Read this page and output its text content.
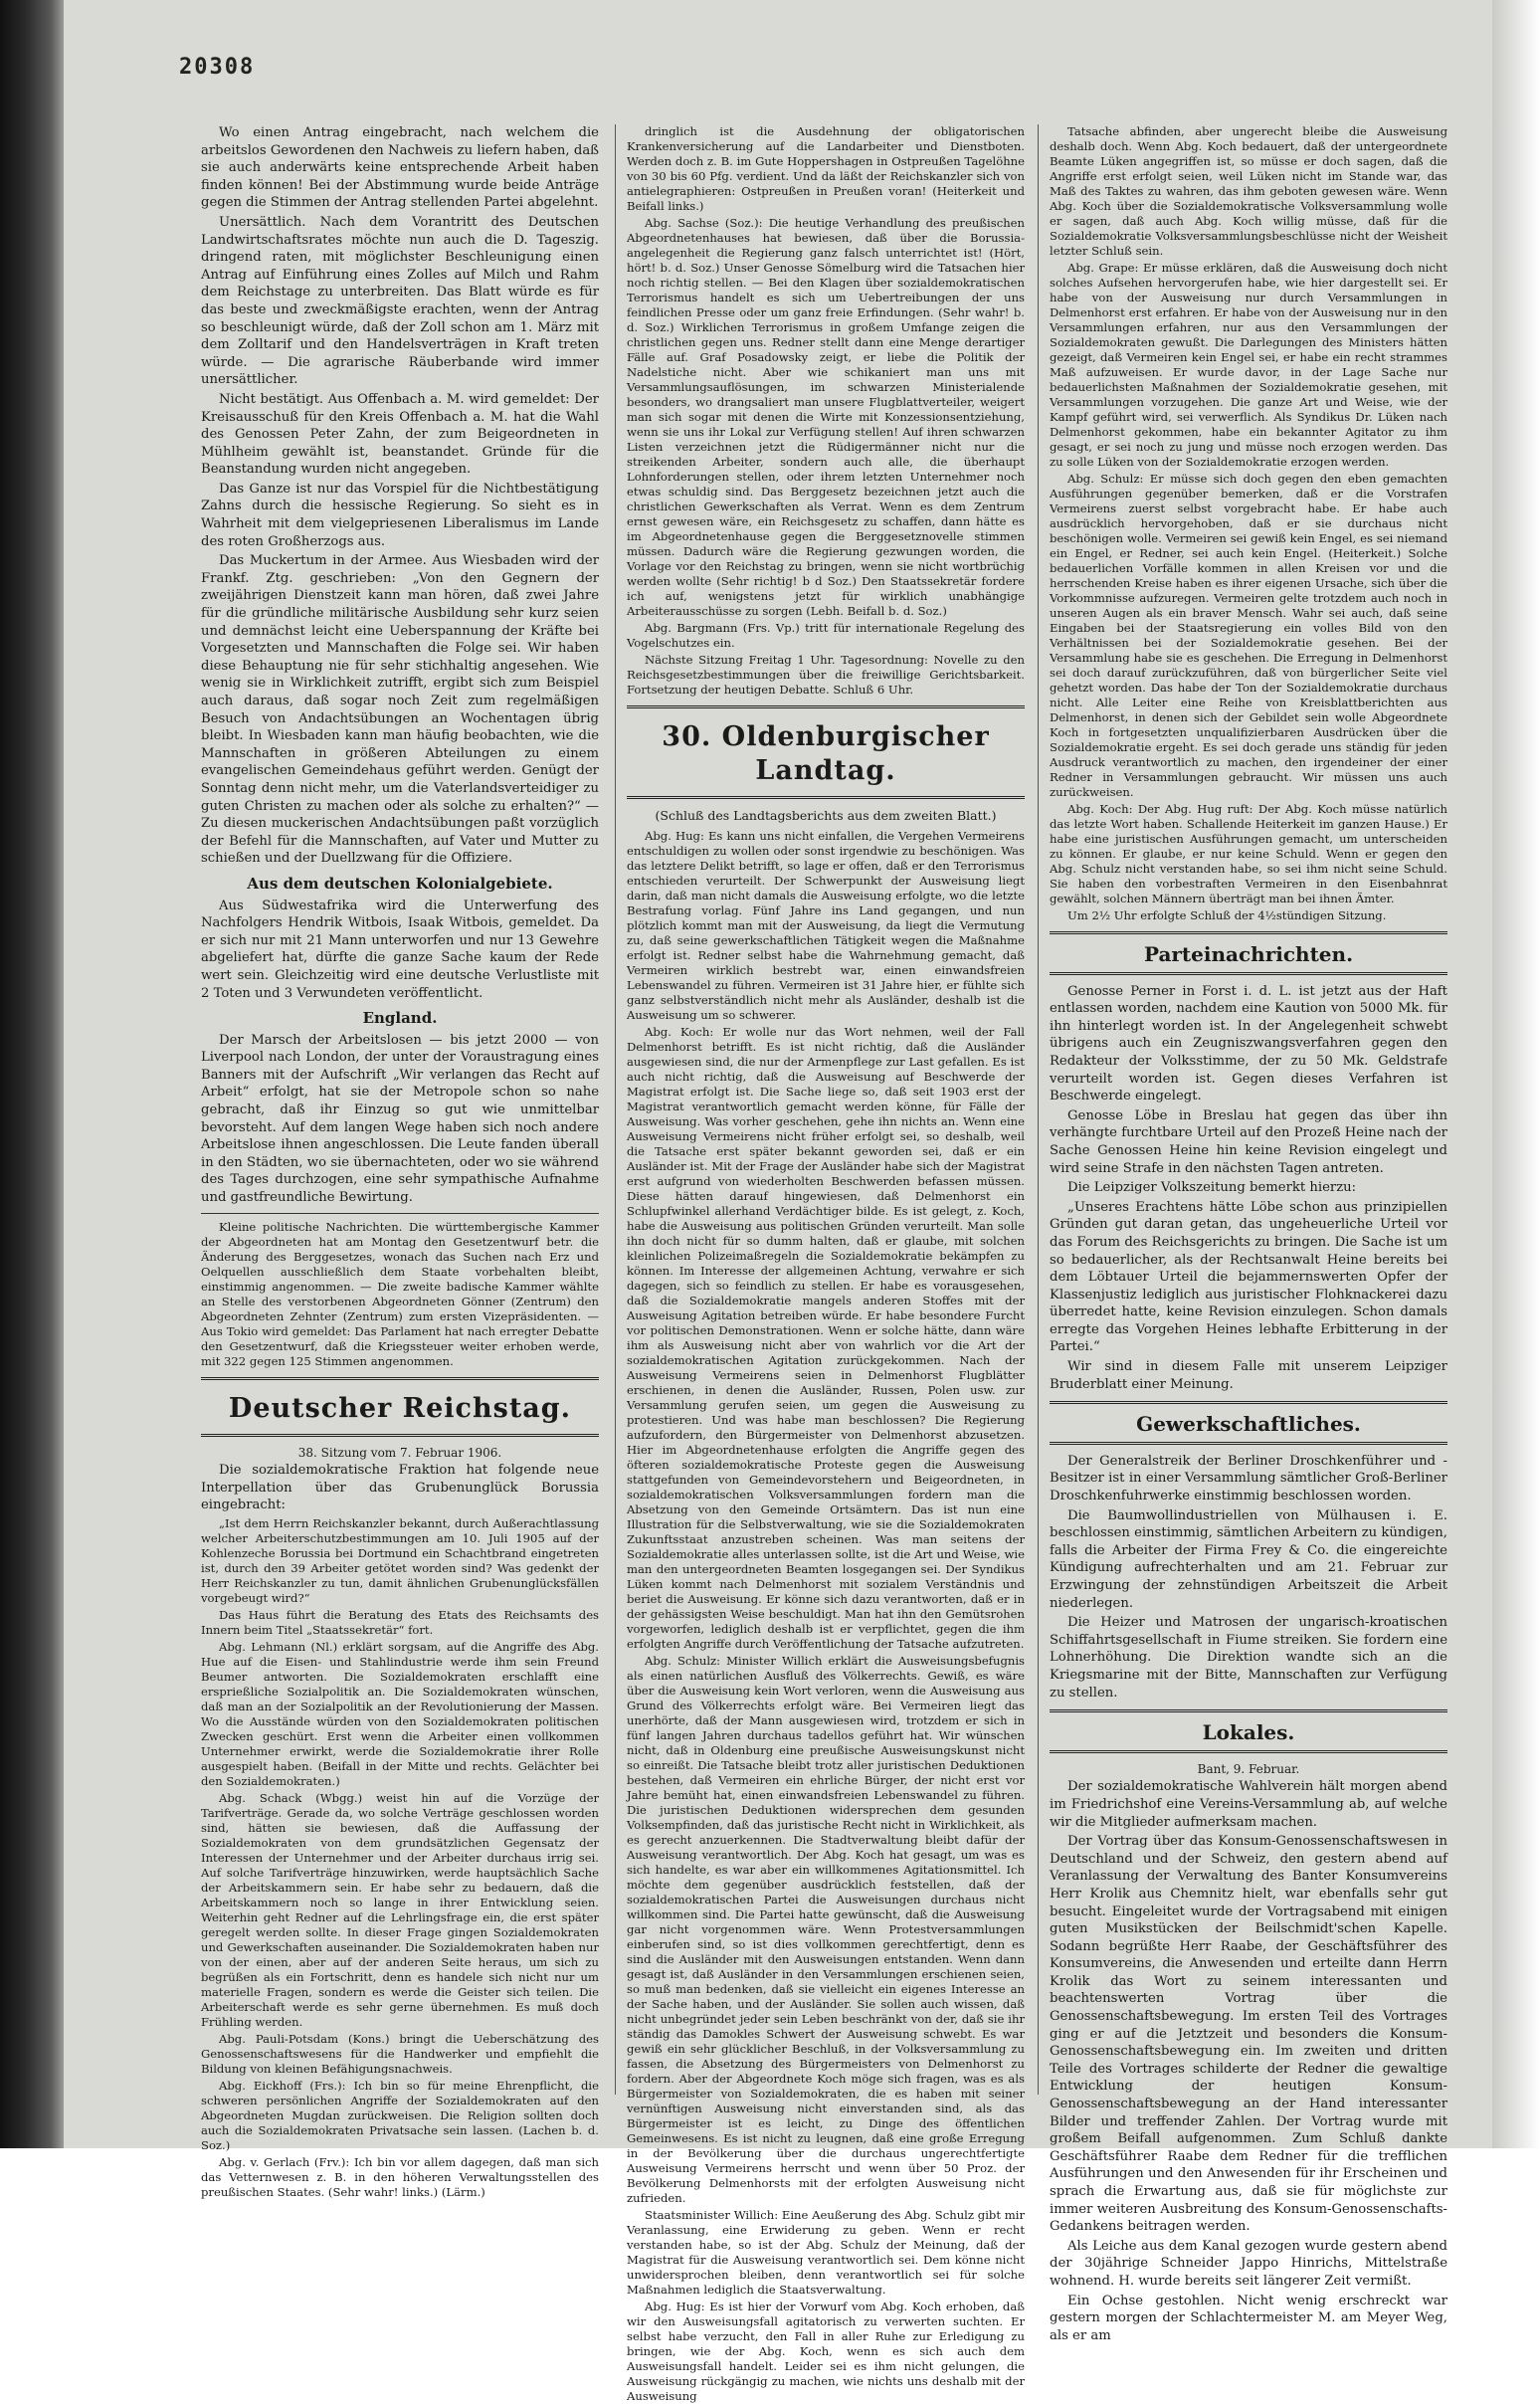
20308

Wo einen Antrag eingebracht, nach welchem die arbeitslos Gewordenen den Nachweis zu liefern haben, daß sie auch anderwärts keine entsprechende Arbeit haben finden können! Bei der Abstimmung wurde beide Anträge gegen die Stimmen der Antrag stellenden Partei abgelehnt.

Unersättlich. Nach dem Vorantritt des Deutschen Landwirtschaftsrates möchte nun auch die D. Tageszig. dringend raten, mit möglichster Beschleunigung einen Antrag auf Einführung eines Zolles auf Milch und Rahm dem Reichstage zu unterbreiten. Das Blatt würde es für das beste und zweckmäßigste erachten, wenn der Antrag so beschleunigt würde, daß der Zoll schon am 1. März mit dem Zolltarif und den Handelsverträgen in Kraft treten würde. — Die agrarische Räuberbande wird immer unersättlicher.

Nicht bestätigt. Aus Offenbach a. M. wird gemeldet: Der Kreisausschuß für den Kreis Offenbach a. M. hat die Wahl des Genossen Peter Zahn, der zum Beigeordneten in Mühlheim gewählt ist, beanstandet. Gründe für die Beanstandung wurden nicht angegeben.

Das Ganze ist nur das Vorspiel für die Nichtbestätigung Zahns durch die hessische Regierung. So sieht es in Wahrheit mit dem vielgepriesenen Liberalismus im Lande des roten Großherzogs aus.

Das Muckertum in der Armee. Aus Wiesbaden wird der Frankf. Ztg. geschrieben: „Von den Gegnern der zweijährigen Dienstzeit kann man hören, daß zwei Jahre für die gründliche militärische Ausbildung sehr kurz seien und demnächst leicht eine Ueberspannung der Kräfte bei Vorgesetzten und Mannschaften die Folge sei. Wir haben diese Behauptung nie für sehr stichhaltig angesehen. Wie wenig sie in Wirklichkeit zutrifft, ergibt sich zum Beispiel auch daraus, daß sogar noch Zeit zum regelmäßigen Besuch von Andachtsübungen an Wochentagen übrig bleibt. In Wiesbaden kann man häufig beobachten, wie die Mannschaften in größeren Abteilungen zu einem evangelischen Gemeindehaus geführt werden. Genügt der Sonntag denn nicht mehr, um die Vaterlandsverteidiger zu guten Christen zu machen oder als solche zu erhalten?“ — Zu diesen muckerischen Andachtsübungen paßt vorzüglich der Befehl für die Mannschaften, auf Vater und Mutter zu schießen und der Duellzwang für die Offiziere.

Aus dem deutschen Kolonialgebiete.

Aus Südwestafrika wird die Unterwerfung des Nachfolgers Hendrik Witbois, Isaak Witbois, gemeldet. Da er sich nur mit 21 Mann unterworfen und nur 13 Gewehre abgeliefert hat, dürfte die ganze Sache kaum der Rede wert sein. Gleichzeitig wird eine deutsche Verlustliste mit 2 Toten und 3 Verwundeten veröffentlicht.

England.

Der Marsch der Arbeitslosen — bis jetzt 2000 — von Liverpool nach London, der unter der Voraustragung eines Banners mit der Aufschrift „Wir verlangen das Recht auf Arbeit“ erfolgt, hat sie der Metropole schon so nahe gebracht, daß ihr Einzug so gut wie unmittelbar bevorsteht. Auf dem langen Wege haben sich noch andere Arbeitslose ihnen angeschlossen. Die Leute fanden überall in den Städten, wo sie übernachteten, oder wo sie während des Tages durchzogen, eine sehr sympathische Aufnahme und gastfreundliche Bewirtung.

Kleine politische Nachrichten. Die württembergische Kammer der Abgeordneten hat am Montag den Gesetzentwurf betr. die Änderung des Berggesetzes, wonach das Suchen nach Erz und Oelquellen ausschließlich dem Staate vorbehalten bleibt, einstimmig angenommen. — Die zweite badische Kammer wählte an Stelle des verstorbenen Abgeordneten Gönner (Zentrum) den Abgeordneten Zehnter (Zentrum) zum ersten Vizepräsidenten. — Aus Tokio wird gemeldet: Das Parlament hat nach erregter Debatte den Gesetzentwurf, daß die Kriegssteuer weiter erhoben werde, mit 322 gegen 125 Stimmen angenommen.

Deutscher Reichstag.
38. Sitzung vom 7. Februar 1906.

Die sozialdemokratische Fraktion hat folgende neue Interpellation über das Grubenunglück Borussia eingebracht:

„Ist dem Herrn Reichskanzler bekannt, durch Außerachtlassung welcher Arbeiterschutzbestimmungen am 10. Juli 1905 auf der Kohlenzeche Borussia bei Dortmund ein Schachtbrand eingetreten ist, durch den 39 Arbeiter getötet worden sind? Was gedenkt der Herr Reichskanzler zu tun, damit ähnlichen Grubenunglücksfällen vorgebeugt wird?“

Das Haus führt die Beratung des Etats des Reichsamts des Innern beim Titel „Staatssekretär“ fort.

Abg. Lehmann (Nl.) erklärt sorgsam, auf die Angriffe des Abg. Hue auf die Eisen- und Stahlindustrie werde ihm sein Freund Beumer antworten. Die Sozialdemokraten erschlafft eine ersprießliche Sozialpolitik an. Die Sozialdemokraten wünschen, daß man an der Sozialpolitik an der Revolutionierung der Massen. Wo die Ausstände würden von den Sozialdemokraten politischen Zwecken geschürt. Erst wenn die Arbeiter einen vollkommen Unternehmer erwirkt, werde die Sozialdemokratie ihrer Rolle ausgespielt haben. (Beifall in der Mitte und rechts. Gelächter bei den Sozialdemokraten.)

Abg. Schack (Wbgg.) weist hin auf die Vorzüge der Tarifverträge. Gerade da, wo solche Verträge geschlossen worden sind, hätten sie bewiesen, daß die Auffassung der Sozialdemokraten von dem grundsätzlichen Gegensatz der Interessen der Unternehmer und der Arbeiter durchaus irrig sei. Auf solche Tarifverträge hinzuwirken, werde hauptsächlich Sache der Arbeitskammern sein. Er habe sehr zu bedauern, daß die Arbeitskammern noch so lange in ihrer Entwicklung seien. Weiterhin geht Redner auf die Lehrlingsfrage ein, die erst später geregelt werden sollte. In dieser Frage gingen Sozialdemokraten und Gewerkschaften auseinander. Die Sozialdemokraten haben nur von der einen, aber auf der anderen Seite heraus, um sich zu begrüßen als ein Fortschritt, denn es handele sich nicht nur um materielle Fragen, sondern es werde die Geister sich teilen. Die Arbeiterschaft werde es sehr gerne übernehmen. Es muß doch Frühling werden.

Abg. Pauli-Potsdam (Kons.) bringt die Ueberschätzung des Genossenschaftswesens für die Handwerker und empfiehlt die Bildung von kleinen Befähigungsnachweis.

Abg. Eickhoff (Frs.): Ich bin so für meine Ehrenpflicht, die schweren persönlichen Angriffe der Sozialdemokraten auf den Abgeordneten Mugdan zurückweisen. Die Religion sollten doch auch die Sozialdemokraten Privatsache sein lassen. (Lachen b. d. Soz.)

Abg. v. Gerlach (Frv.): Ich bin vor allem dagegen, daß man sich das Vetternwesen z. B. in den höheren Verwaltungsstellen des preußischen Staates. (Sehr wahr! links.) (Lärm.)

dringlich ist die Ausdehnung der obligatorischen Krankenversicherung auf die Landarbeiter und Dienstboten. Werden doch z. B. im Gute Hoppershagen in Ostpreußen Tagelöhne von 30 bis 60 Pfg. verdient. Und da läßt der Reichskanzler sich von antielegraphieren: Ostpreußen in Preußen voran! (Heiterkeit und Beifall links.)

Abg. Sachse (Soz.): Die heutige Verhandlung des preußischen Abgeordnetenhauses hat bewiesen, daß über die Borussia-angelegenheit die Regierung ganz falsch unterrichtet ist! (Hört, hört! b. d. Soz.) Unser Genosse Sömelburg wird die Tatsachen hier noch richtig stellen. — Bei den Klagen über sozialdemokratischen Terrorismus handelt es sich um Uebertreibungen der uns feindlichen Presse oder um ganz freie Erfindungen. (Sehr wahr! b. d. Soz.) Wirklichen Terrorismus in großem Umfange zeigen die christlichen gegen uns. Redner stellt dann eine Menge derartiger Fälle auf. Graf Posadowsky zeigt, er liebe die Politik der Nadelstiche nicht. Aber wie schikaniert man uns mit Versammlungsauflösungen, im schwarzen Ministerialende besonders, wo drangsaliert man unsere Flugblattverteiler, weigert man sich sogar mit denen die Wirte mit Konzessionsentziehung, wenn sie uns ihr Lokal zur Verfügung stellen! Auf ihren schwarzen Listen verzeichnen jetzt die Rüdigermänner nicht nur die streikenden Arbeiter, sondern auch alle, die überhaupt Lohnforderungen stellen, oder ihrem letzten Unternehmer noch etwas schuldig sind. Das Berggesetz bezeichnen jetzt auch die christlichen Gewerkschaften als Verrat. Wenn es dem Zentrum ernst gewesen wäre, ein Reichsgesetz zu schaffen, dann hätte es im Abgeordnetenhause gegen die Berggesetznovelle stimmen müssen. Dadurch wäre die Regierung gezwungen worden, die Vorlage vor den Reichstag zu bringen, wenn sie nicht wortbrüchig werden wollte (Sehr richtig! b d Soz.) Den Staatssekretär fordere ich auf, wenigstens jetzt für wirklich unabhängige Arbeiterausschüsse zu sorgen (Lebh. Beifall b. d. Soz.)

Abg. Bargmann (Frs. Vp.) tritt für internationale Regelung des Vogelschutzes ein.

Nächste Sitzung Freitag 1 Uhr. Tagesordnung: Novelle zu den Reichsgesetzbestimmungen über die freiwillige Gerichtsbarkeit. Fortsetzung der heutigen Debatte. Schluß 6 Uhr.

30. Oldenburgischer Landtag.
(Schluß des Landtagsberichts aus dem zweiten Blatt.)

Abg. Hug: Es kann uns nicht einfallen, die Vergehen Vermeirens entschuldigen zu wollen oder sonst irgendwie zu beschönigen. Was das letztere Delikt betrifft, so lage er offen, daß er den Terrorismus entschieden verurteilt. Der Schwerpunkt der Ausweisung liegt darin, daß man nicht damals die Ausweisung erfolgte, wo die letzte Bestrafung vorlag. Fünf Jahre ins Land gegangen, und nun plötzlich kommt man mit der Ausweisung, da liegt die Vermutung zu, daß seine gewerkschaftlichen Tätigkeit wegen die Maßnahme erfolgt ist. Redner selbst habe die Wahrnehmung gemacht, daß Vermeiren wirklich bestrebt war, einen einwandsfreien Lebenswandel zu führen. Vermeiren ist 31 Jahre hier, er fühlte sich ganz selbstverständlich nicht mehr als Ausländer, deshalb ist die Ausweisung um so schwerer.

Abg. Koch: Er wolle nur das Wort nehmen, weil der Fall Delmenhorst betrifft. Es ist nicht richtig, daß die Ausländer ausgewiesen sind, die nur der Armenpflege zur Last gefallen. Es ist auch nicht richtig, daß die Ausweisung auf Beschwerde der Magistrat erfolgt ist. Die Sache liege so, daß seit 1903 erst der Magistrat verantwortlich gemacht werden könne, für Fälle der Ausweisung. Was vorher geschehen, gehe ihn nichts an. Wenn eine Ausweisung Vermeirens nicht früher erfolgt sei, so deshalb, weil die Tatsache erst später bekannt geworden sei, daß er ein Ausländer ist. Mit der Frage der Ausländer habe sich der Magistrat erst aufgrund von wiederholten Beschwerden befassen müssen. Diese hätten darauf hingewiesen, daß Delmenhorst ein Schlupfwinkel allerhand Verdächtiger bilde. Es ist gelegt, z. Koch, habe die Ausweisung aus politischen Gründen verurteilt. Man solle ihn doch nicht für so dumm halten, daß er glaube, mit solchen kleinlichen Polizeimaßregeln die Sozialdemokratie bekämpfen zu können. Im Interesse der allgemeinen Achtung, verwahre er sich dagegen, sich so feindlich zu stellen. Er habe es vorausgesehen, daß die Sozialdemokratie mangels anderen Stoffes mit der Ausweisung Agitation betreiben würde. Er habe besondere Furcht vor politischen Demonstrationen. Wenn er solche hätte, dann wäre ihm als Ausweisung nicht aber von wahrlich vor die Art der sozialdemokratischen Agitation zurückgekommen. Nach der Ausweisung Vermeirens seien in Delmenhorst Flugblätter erschienen, in denen die Ausländer, Russen, Polen usw. zur Versammlung gerufen seien, um gegen die Ausweisung zu protestieren. Und was habe man beschlossen? Die Regierung aufzufordern, den Bürgermeister von Delmenhorst abzusetzen. Hier im Abgeordnetenhause erfolgten die Angriffe gegen des öfteren sozialdemokratische Proteste gegen die Ausweisung stattgefunden von Gemeindevorstehern und Beigeordneten, in sozialdemokratischen Volksversammlungen fordern man die Absetzung von den Gemeinde Ortsämtern. Das ist nun eine Illustration für die Selbstverwaltung, wie sie die Sozialdemokraten Zukunftsstaat anzustreben scheinen. Was man seitens der Sozialdemokratie alles unterlassen sollte, ist die Art und Weise, wie man den untergeordneten Beamten losgegangen sei. Der Syndikus Lüken kommt nach Delmenhorst mit sozialem Verständnis und beriet die Ausweisung. Er könne sich dazu verantworten, daß er in der gehässigsten Weise beschuldigt. Man hat ihn den Gemütsrohen vorgeworfen, lediglich deshalb ist er verpflichtet, gegen die ihm erfolgten Angriffe durch Veröffentlichung der Tatsache aufzutreten.

Abg. Schulz: Minister Willich erklärt die Ausweisungsbefugnis als einen natürlichen Ausfluß des Völkerrechts. Gewiß, es wäre über die Ausweisung kein Wort verloren, wenn die Ausweisung aus Grund des Völkerrechts erfolgt wäre. Bei Vermeiren liegt das unerhörte, daß der Mann ausgewiesen wird, trotzdem er sich in fünf langen Jahren durchaus tadellos geführt hat. Wir wünschen nicht, daß in Oldenburg eine preußische Ausweisungskunst nicht so einreißt. Die Tatsache bleibt trotz aller juristischen Deduktionen bestehen, daß Vermeiren ein ehrliche Bürger, der nicht erst vor Jahre bemüht hat, einen einwandsfreien Lebenswandel zu führen. Die juristischen Deduktionen widersprechen dem gesunden Volksempfinden, daß das juristische Recht nicht in Wirklichkeit, als es gerecht anzuerkennen. Die Stadtverwaltung bleibt dafür der Ausweisung verantwortlich. Der Abg. Koch hat gesagt, um was es sich handelte, es war aber ein willkommenes Agitationsmittel. Ich möchte dem gegenüber ausdrücklich feststellen, daß der sozialdemokratischen Partei die Ausweisungen durchaus nicht willkommen sind. Die Partei hatte gewünscht, daß die Ausweisung gar nicht vorgenommen wäre. Wenn Protestversammlungen einberufen sind, so ist dies vollkommen gerechtfertigt, denn es sind die Ausländer mit den Ausweisungen entstanden. Wenn dann gesagt ist, daß Ausländer in den Versammlungen erschienen seien, so muß man bedenken, daß sie vielleicht ein eigenes Interesse an der Sache haben, und der Ausländer. Sie sollen auch wissen, daß nicht unbegründet jeder sein Leben beschränkt von der, daß sie ihr ständig das Damokles Schwert der Ausweisung schwebt. Es war gewiß ein sehr glücklicher Beschluß, in der Volksversammlung zu fassen, die Absetzung des Bürgermeisters von Delmenhorst zu fordern. Aber der Abgeordnete Koch möge sich fragen, was es als Bürgermeister von Sozialdemokraten, die es haben mit seiner vernünftigen Ausweisung nicht einverstanden sind, als das Bürgermeister ist es leicht, zu Dinge des öffentlichen Gemeinwesens. Es ist nicht zu leugnen, daß eine große Erregung in der Bevölkerung über die durchaus ungerechtfertigte Ausweisung Vermeirens herrscht und wenn über 50 Proz. der Bevölkerung Delmenhorsts mit der erfolgten Ausweisung nicht zufrieden.

Staatsminister Willich: Eine Aeußerung des Abg. Schulz gibt mir Veranlassung, eine Erwiderung zu geben. Wenn er recht verstanden habe, so ist der Abg. Schulz der Meinung, daß der Magistrat für die Ausweisung verantwortlich sei. Dem könne nicht unwidersprochen bleiben, denn verantwortlich sei für solche Maßnahmen lediglich die Staatsverwaltung.

Abg. Hug: Es ist hier der Vorwurf vom Abg. Koch erhoben, daß wir den Ausweisungsfall agitatorisch zu verwerten suchten. Er selbst habe verzucht, den Fall in aller Ruhe zur Erledigung zu bringen, wie der Abg. Koch, wenn es sich auch dem Ausweisungsfall handelt. Leider sei es ihm nicht gelungen, die Ausweisung rückgängig zu machen, wie nichts uns deshalb mit der Ausweisung

Tatsache abfinden, aber ungerecht bleibe die Ausweisung deshalb doch. Wenn Abg. Koch bedauert, daß der untergeordnete Beamte Lüken angegriffen ist, so müsse er doch sagen, daß die Angriffe erst erfolgt seien, weil Lüken nicht im Stande war, das Maß des Taktes zu wahren, das ihm geboten gewesen wäre. Wenn Abg. Koch über die Sozialdemokratische Volksversammlung wolle er sagen, daß auch Abg. Koch willig müsse, daß für die Sozialdemokratie Volksversammlungsbeschlüsse nicht der Weisheit letzter Schluß sein.

Abg. Grape: Er müsse erklären, daß die Ausweisung doch nicht solches Aufsehen hervorgerufen habe, wie hier dargestellt sei. Er habe von der Ausweisung nur durch Versammlungen in Delmenhorst erst erfahren. Er habe von der Ausweisung nur in den Versammlungen erfahren, nur aus den Versammlungen der Sozialdemokraten gewußt. Die Darlegungen des Ministers hätten gezeigt, daß Vermeiren kein Engel sei, er habe ein recht strammes Maß aufzuweisen. Er wurde davor, in der Lage Sache nur bedauerlichsten Maßnahmen der Sozialdemokratie gesehen, mit Versammlungen vorzugehen. Die ganze Art und Weise, wie der Kampf geführt wird, sei verwerflich. Als Syndikus Dr. Lüken nach Delmenhorst gekommen, habe ein bekannter Agitator zu ihm gesagt, er sei noch zu jung und müsse noch erzogen werden. Das zu solle Lüken von der Sozialdemokratie erzogen werden.

Abg. Schulz: Er müsse sich doch gegen den eben gemachten Ausführungen gegenüber bemerken, daß er die Vorstrafen Vermeirens zuerst selbst vorgebracht habe. Er habe auch ausdrücklich hervorgehoben, daß er sie durchaus nicht beschönigen wolle. Vermeiren sei gewiß kein Engel, es sei niemand ein Engel, er Redner, sei auch kein Engel. (Heiterkeit.) Solche bedauerlichen Vorfälle kommen in allen Kreisen vor und die herrschenden Kreise haben es ihrer eigenen Ursache, sich über die Vorkommnisse aufzuregen. Vermeiren gelte trotzdem auch noch in unseren Augen als ein braver Mensch. Wahr sei auch, daß seine Eingaben bei der Staatsregierung ein volles Bild von den Verhältnissen bei der Sozialdemokratie gesehen. Bei der Versammlung habe sie es geschehen. Die Erregung in Delmenhorst sei doch darauf zurückzuführen, daß von bürgerlicher Seite viel gehetzt worden. Das habe der Ton der Sozialdemokratie durchaus nicht. Alle Leiter eine Reihe von Kreisblattberichten aus Delmenhorst, in denen sich der Gebildet sein wolle Abgeordnete Koch in fortgesetzten unqualifizierbaren Ausdrücken über die Sozialdemokratie ergeht. Es sei doch gerade uns ständig für jeden Ausdruck verantwortlich zu machen, den irgendeiner der einer Redner in Versammlungen gebraucht. Wir müssen uns auch zurückweisen.

Abg. Koch: Der Abg. Hug ruft: Der Abg. Koch müsse natürlich das letzte Wort haben. Schallende Heiterkeit im ganzen Hause.) Er habe eine juristischen Ausführungen gemacht, um unterscheiden zu können. Er glaube, er nur keine Schuld. Wenn er gegen den Abg. Schulz nicht verstanden habe, so sei ihm nicht seine Schuld. Sie haben den vorbestraften Vermeiren in den Eisenbahnrat gewählt, solchen Männern überträgt man bei ihnen Ämter.

Um 2½ Uhr erfolgte Schluß der 4½stündigen Sitzung.

Parteinachrichten.

Genosse Perner in Forst i. d. L. ist jetzt aus der Haft entlassen worden, nachdem eine Kaution von 5000 Mk. für ihn hinterlegt worden ist. In der Angelegenheit schwebt übrigens auch ein Zeugniszwangsverfahren gegen den Redakteur der Volksstimme, der zu 50 Mk. Geldstrafe verurteilt worden ist. Gegen dieses Verfahren ist Beschwerde eingelegt.

Genosse Löbe in Breslau hat gegen das über ihn verhängte furchtbare Urteil auf den Prozeß Heine nach der Sache Genossen Heine hin keine Revision eingelegt und wird seine Strafe in den nächsten Tagen antreten.

Die Leipziger Volkszeitung bemerkt hierzu:

„Unseres Erachtens hätte Löbe schon aus prinzipiellen Gründen gut daran getan, das ungeheuerliche Urteil vor das Forum des Reichsgerichts zu bringen. Die Sache ist um so bedauerlicher, als der Rechtsanwalt Heine bereits bei dem Löbtauer Urteil die bejammernswerten Opfer der Klassenjustiz lediglich aus juristischer Flohknackerei dazu überredet hatte, keine Revision einzulegen. Schon damals erregte das Vorgehen Heines lebhafte Erbitterung in der Partei.“

Wir sind in diesem Falle mit unserem Leipziger Bruderblatt einer Meinung.

Gewerkschaftliches.

Der Generalstreik der Berliner Droschkenführer und -Besitzer ist in einer Versammlung sämtlicher Groß-Berliner Droschkenfuhrwerke einstimmig beschlossen worden.

Die Baumwollindustriellen von Mülhausen i. E. beschlossen einstimmig, sämtlichen Arbeitern zu kündigen, falls die Arbeiter der Firma Frey & Co. die eingereichte Kündigung aufrechterhalten und am 21. Februar zur Erzwingung der zehnstündigen Arbeitszeit die Arbeit niederlegen.

Die Heizer und Matrosen der ungarisch-kroatischen Schiffahrtsgesellschaft in Fiume streiken. Sie fordern eine Lohnerhöhung. Die Direktion wandte sich an die Kriegsmarine mit der Bitte, Mannschaften zur Verfügung zu stellen.

Lokales.
Bant, 9. Februar.

Der sozialdemokratische Wahlverein hält morgen abend im Friedrichshof eine Vereins-Versammlung ab, auf welche wir die Mitglieder aufmerksam machen.

Der Vortrag über das Konsum-Genossenschaftswesen in Deutschland und der Schweiz, den gestern abend auf Veranlassung der Verwaltung des Banter Konsumvereins Herr Krolik aus Chemnitz hielt, war ebenfalls sehr gut besucht. Eingeleitet wurde der Vortragsabend mit einigen guten Musikstücken der Beilschmidt'schen Kapelle. Sodann begrüßte Herr Raabe, der Geschäftsführer des Konsumvereins, die Anwesenden und erteilte dann Herrn Krolik das Wort zu seinem interessanten und beachtenswerten Vortrag über die Genossenschaftsbewegung. Im ersten Teil des Vortrages ging er auf die Jetztzeit und besonders die Konsum-Genossenschaftsbewegung ein. Im zweiten und dritten Teile des Vortrages schilderte der Redner die gewaltige Entwicklung der heutigen Konsum-Genossenschaftsbewegung an der Hand interessanter Bilder und treffender Zahlen. Der Vortrag wurde mit großem Beifall aufgenommen. Zum Schluß dankte Geschäftsführer Raabe dem Redner für die trefflichen Ausführungen und den Anwesenden für ihr Erscheinen und sprach die Erwartung aus, daß sie für möglichste zur immer weiteren Ausbreitung des Konsum-Genossenschafts-Gedankens beitragen werden.

Als Leiche aus dem Kanal gezogen wurde gestern abend der 30jährige Schneider Jappo Hinrichs, Mittelstraße wohnend. H. wurde bereits seit längerer Zeit vermißt.

Ein Ochse gestohlen. Nicht wenig erschreckt war gestern morgen der Schlachtermeister M. am Meyer Weg, als er am
